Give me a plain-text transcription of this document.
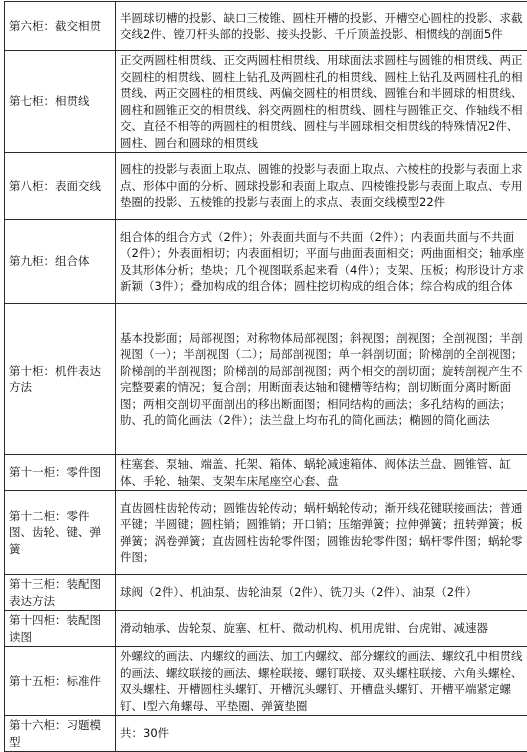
第六柜：截交相贯	半圆球切槽的投影、缺口三棱锥、圆柱开槽的投影、开槽空心圆柱的投影、求截交线2件、镗刀杆头部的投影、接头投影、千斤顶盖投影、相惯线的剖面5件
第七柜：相贯线	正交两圆柱相贯线、正交两圆柱相贯线、用球面法求圆柱与圆锥的相贯线、两正交圆柱的相贯线、圆柱上钻孔及两圆柱孔的相贯线、圆柱上钻孔及两圆柱孔的相贯线、两正交圆柱的相贯线、两偏交圆柱的相贯线、圆锥台和半圆球的相贯线、圆柱和圆锥正交的相贯线、斜交两圆柱的相贯线、圆柱与圆锥正交、作轴线不相交、直径不相等的两圆柱的相贯线、圆柱与半圆球相交相贯线的特殊情况2件、圆柱、圆台和圆球的相贯线
第八柜：表面交线	圆柱的投影与表面上取点、圆锥的投影与表面上取点、六棱柱的投影与表面上求点、形体中面的分析、圆球投影和表面上取点、四棱锥投影与表面上取点、专用垫圈的投影、五棱锥的投影与表面上的求点、表面交线模型22件
第九柜：组合体	组合体的组合方式（2件）；外表面共面与不共面（2件）；内表面共面与不共面（2件）；外表面相切；内表面相切；平面与曲面表面相交；两曲面相交；轴承座及其形体分析；垫块；几个视图联系起来看（4件）；支架、压板；构形设计方求新颖（3件）；叠加构成的组合体；圆柱挖切构成的组合体；综合构成的组合体
第十柜：机件表达方法	基本投影面；局部视图；对称物体局部视图；斜视图；剖视图；全剖视图；半剖视图（一）；半剖视图（二）；局部剖视图；单一斜剖切面；阶梯剖的全剖视图；阶梯剖的半剖视图；阶梯剖的局部剖视图；两个相交的剖切面；旋转剖视产生不完整要素的情况；复合剖；用断面表达轴和键槽等结构；剖切断面分离时断面图；两相交剖切平面剖出的移出断面图；相同结构的画法；多孔结构的画法；肋、孔的简化画法（2件）；法兰盘上均布孔的简化画法；椭圆的简化画法
第十一柜：零件图	柱塞套、泵轴、端盖、托架、箱体、蜗轮减速箱体、阀体法兰盘、圆锥管、缸体、手轮、轴架、支架车床尾座空心套、盘
第十二柜：零件图、齿轮、键、弹簧	直齿圆柱齿轮传动；圆锥齿轮传动；蜗杆蜗轮传动；渐开线花键联接画法；普通平键；半圆键；圆柱销；圆锥销；开口销；压缩弹簧；拉伸弹簧；扭转弹簧；板弹簧；涡卷弹簧；直齿圆柱齿轮零件图；圆锥齿轮零件图；蜗杆零件图；蜗轮零件图；
第十三柜：装配图表达方法	球阀（2件）、机油泵、齿轮油泵（2件）、铣刀头（2件）、油泵（2件）
第十四柜：装配图读图	滑动轴承、齿轮泵、旋塞、杠杆、微动机构、机用虎钳、台虎钳、减速器
第十五柜：标准件	外螺纹的画法、内螺纹的画法、加工内螺纹、部分螺纹的画法、螺纹孔中相贯线的画法、螺纹联接的画法、螺栓联接、螺钉联接、双头螺柱联接、六角头螺栓、双头螺柱、开槽圆柱头螺钉、开槽沉头螺钉、开槽盘头螺钉、开槽平端紧定螺钉、I型六角螺母、平垫圈、弹簧垫圈
第十六柜：习题模型	共：30件
